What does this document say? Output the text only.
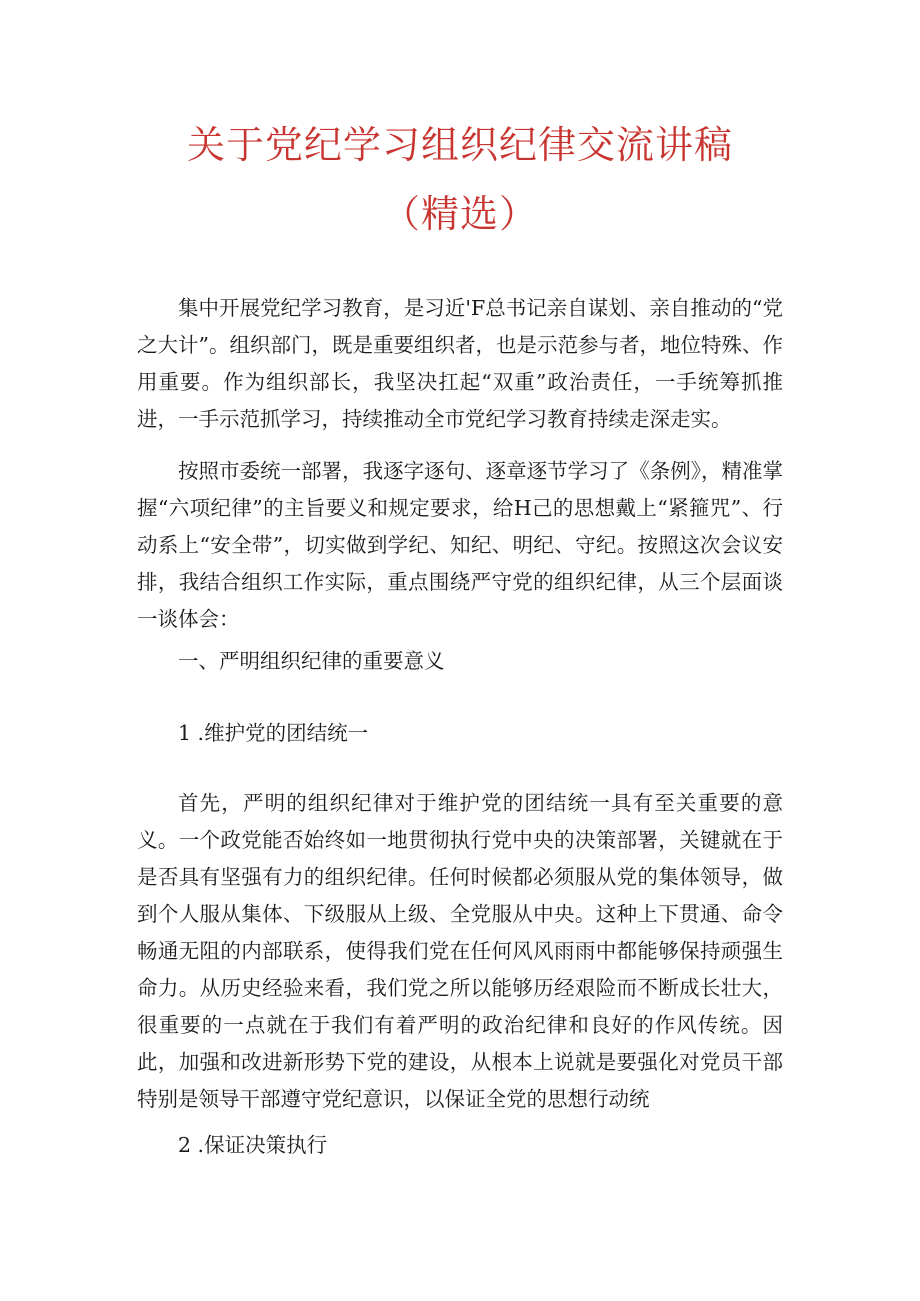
关于党纪学习组织纪律交流讲稿
（精选）

集中开展党纪学习教育，是习近'F总书记亲自谋划、亲自推动的“党之大计”。组织部门，既是重要组织者，也是示范参与者，地位特殊、作用重要。作为组织部长，我坚决扛起“双重”政治责任，一手统筹抓推进，一手示范抓学习，持续推动全市党纪学习教育持续走深走实。

按照市委统一部署，我逐字逐句、逐章逐节学习了《条例》，精准掌握“六项纪律”的主旨要义和规定要求，给H己的思想戴上“紧箍咒”、行动系上“安全带”，切实做到学纪、知纪、明纪、守纪。按照这次会议安排，我结合组织工作实际，重点围绕严守党的组织纪律，从三个层面谈一谈体会：

一、严明组织纪律的重要意义
1 .维护党的团结统一

首先，严明的组织纪律对于维护党的团结统一具有至关重要的意义。一个政党能否始终如一地贯彻执行党中央的决策部署，关键就在于是否具有坚强有力的组织纪律。任何时候都必须服从党的集体领导，做到个人服从集体、下级服从上级、全党服从中央。这种上下贯通、命令畅通无阻的内部联系，使得我们党在任何风风雨雨中都能够保持顽强生命力。从历史经验来看，我们党之所以能够历经艰险而不断成长壮大，很重要的一点就在于我们有着严明的政治纪律和良好的作风传统。因此，加强和改进新形势下党的建设，从根本上说就是要强化对党员干部特别是领导干部遵守党纪意识，以保证全党的思想行动统

2 .保证决策执行
